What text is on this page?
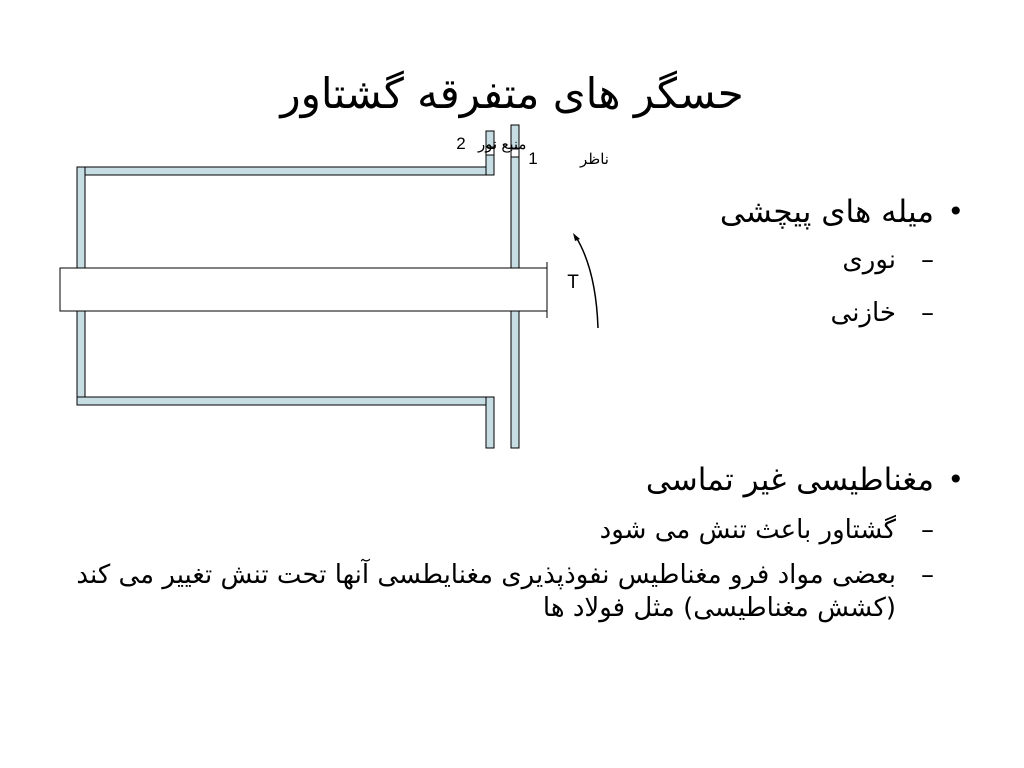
حسگر های متفرقه گشتاور
منبع نور
2
ناظر
1
T
•
میله های پیچشی
–
نوری
–
خازنی
•
مغناطیسی غیر تماسی
–
گشتاور باعث تنش می شود
–
بعضی مواد فرو مغناطیس نفوذپذیری مغنایطسی آنها تحت تنش تغییر می کند (کشش مغناطیسی) مثل فولاد ها
